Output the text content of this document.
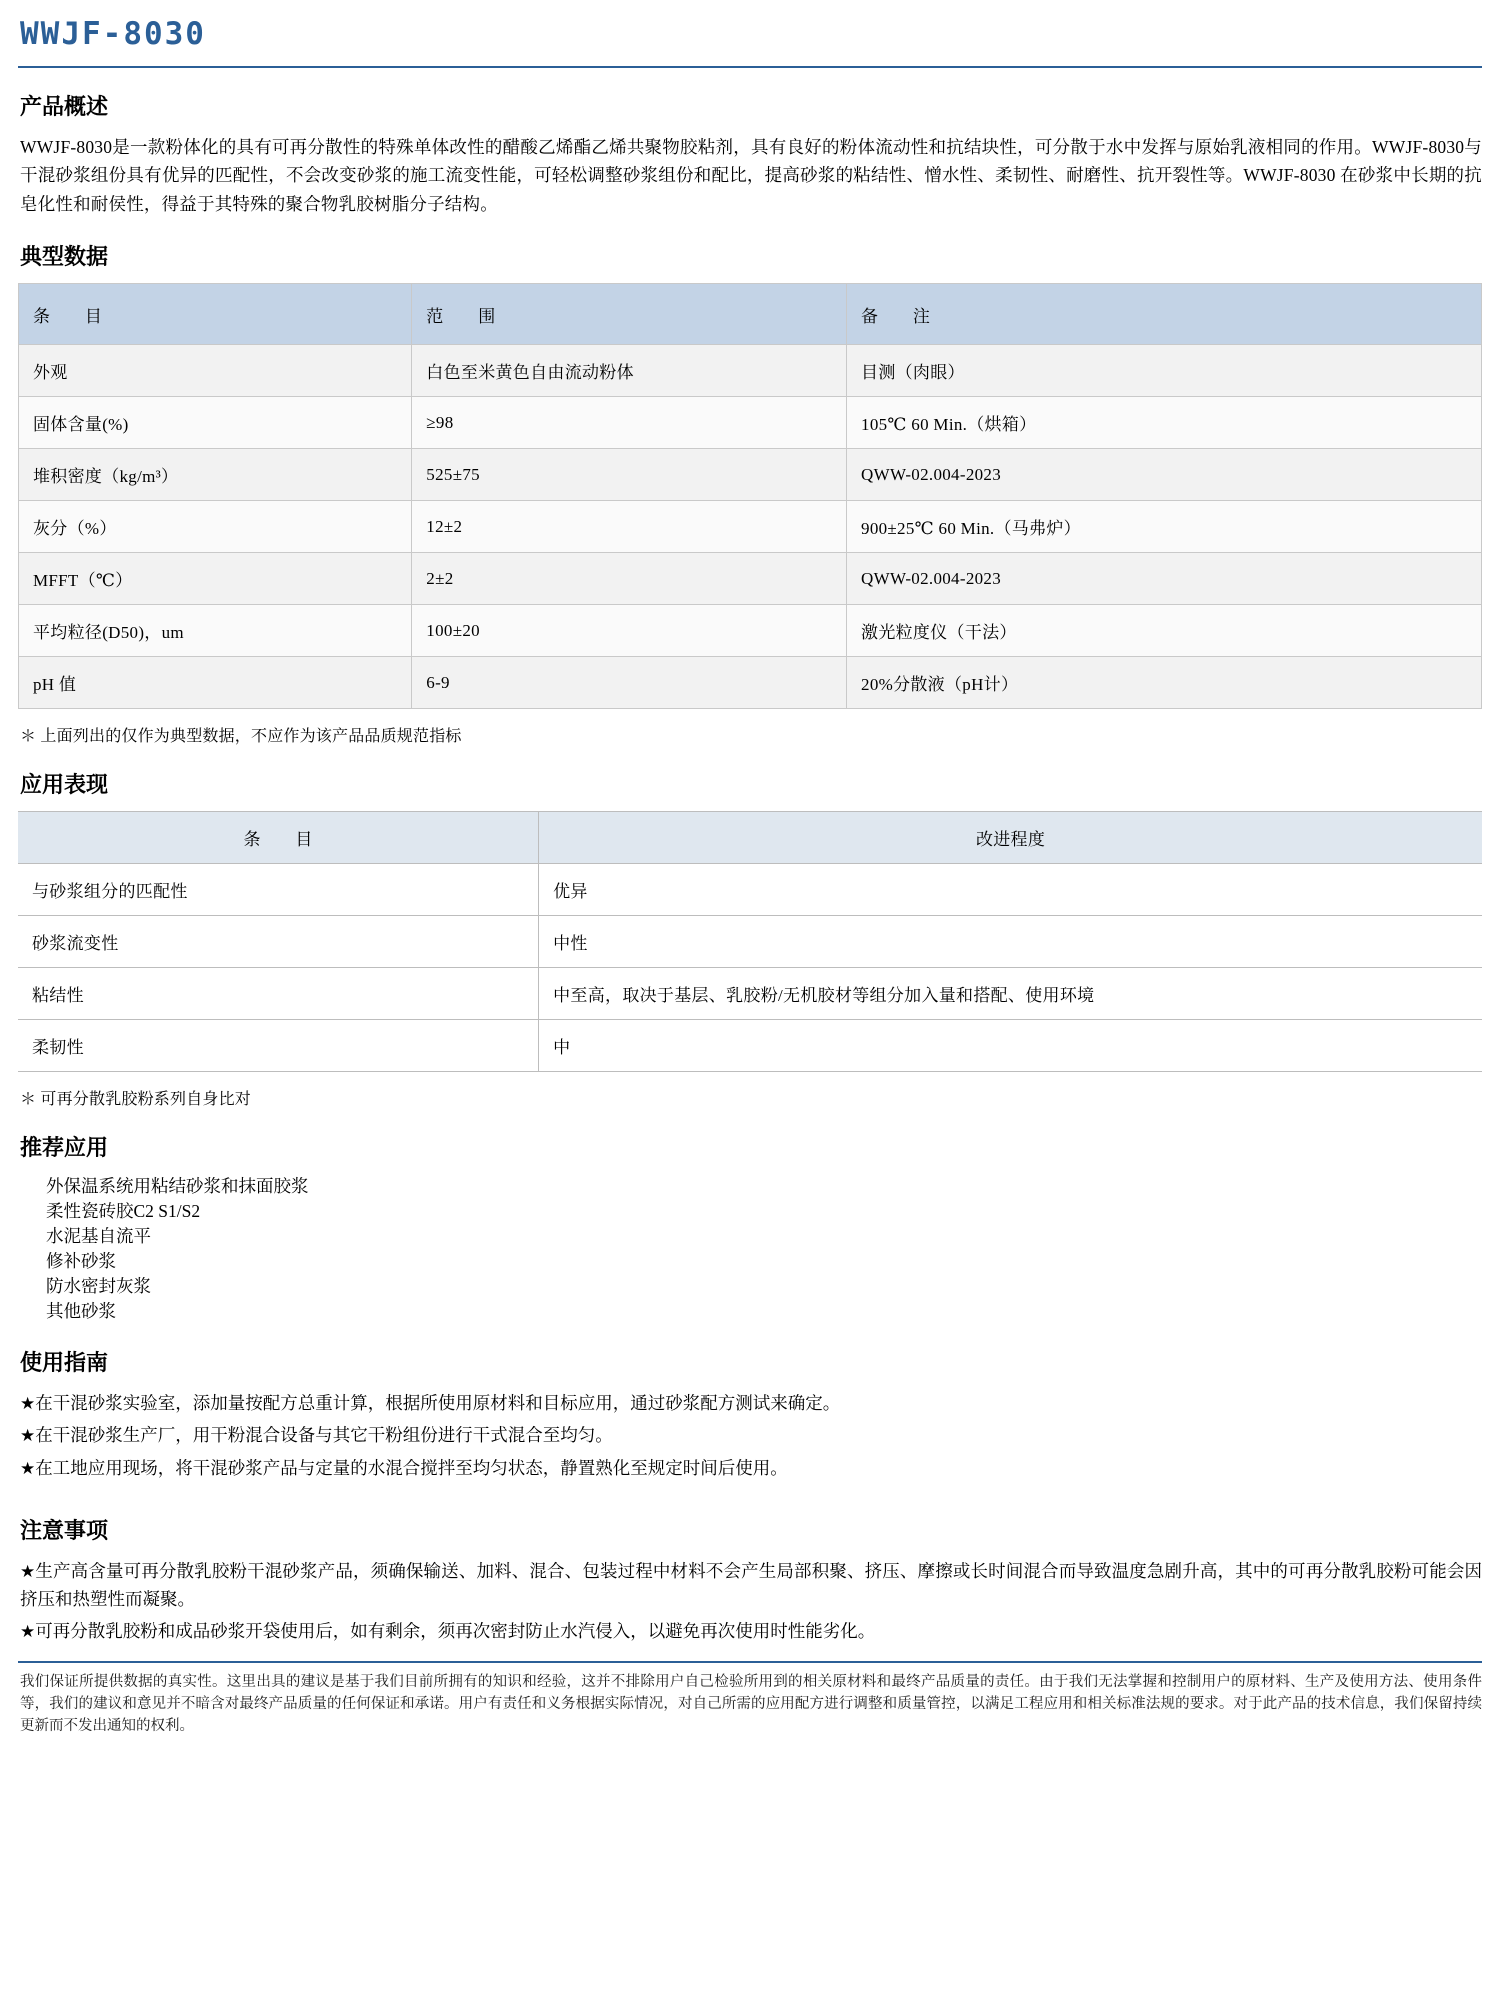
WWJF-8030
产品概述

WWJF-8030是一款粉体化的具有可再分散性的特殊单体改性的醋酸乙烯酯乙烯共聚物胶粘剂，具有良好的粉体流动性和抗结块性，可分散于水中发挥与原始乳液相同的作用。WWJF-8030与干混砂浆组份具有优异的匹配性，不会改变砂浆的施工流变性能，可轻松调整砂浆组份和配比，提高砂浆的粘结性、憎水性、柔韧性、耐磨性、抗开裂性等。WWJF-8030 在砂浆中长期的抗皂化性和耐侯性，得益于其特殊的聚合物乳胶树脂分子结构。

典型数据
条　　目	范　　围	备　　注
外观	白色至米黄色自由流动粉体	目测（肉眼）
固体含量(%)	≥98	105℃ 60 Min.（烘箱）
堆积密度（kg/m³）	525±75	QWW-02.004-2023
灰分（%）	12±2	900±25℃ 60 Min.（马弗炉）
MFFT（℃）	2±2	QWW-02.004-2023
平均粒径(D50)，um	100±20	激光粒度仪（干法）
pH 值	6-9	20%分散液（pH计）
＊ 上面列出的仅作为典型数据，不应作为该产品品质规范指标
应用表现
条　　目	改进程度
与砂浆组分的匹配性	优异
砂浆流变性	中性
粘结性	中至高，取决于基层、乳胶粉/无机胶材等组分加入量和搭配、使用环境
柔韧性	中
＊ 可再分散乳胶粉系列自身比对
推荐应用
外保温系统用粘结砂浆和抹面胶浆
柔性瓷砖胶C2 S1/S2
水泥基自流平
修补砂浆
防水密封灰浆
其他砂浆
使用指南

★在干混砂浆实验室，添加量按配方总重计算，根据所使用原材料和目标应用，通过砂浆配方测试来确定。

★在干混砂浆生产厂，用干粉混合设备与其它干粉组份进行干式混合至均匀。

★在工地应用现场，将干混砂浆产品与定量的水混合搅拌至均匀状态，静置熟化至规定时间后使用。

注意事项

★生产高含量可再分散乳胶粉干混砂浆产品，须确保输送、加料、混合、包装过程中材料不会产生局部积聚、挤压、摩擦或长时间混合而导致温度急剧升高，其中的可再分散乳胶粉可能会因挤压和热塑性而凝聚。

★可再分散乳胶粉和成品砂浆开袋使用后，如有剩余，须再次密封防止水汽侵入，以避免再次使用时性能劣化。

我们保证所提供数据的真实性。这里出具的建议是基于我们目前所拥有的知识和经验，这并不排除用户自己检验所用到的相关原材料和最终产品质量的责任。由于我们无法掌握和控制用户的原材料、生产及使用方法、使用条件等，我们的建议和意见并不暗含对最终产品质量的任何保证和承诺。用户有责任和义务根据实际情况，对自己所需的应用配方进行调整和质量管控，以满足工程应用和相关标准法规的要求。对于此产品的技术信息，我们保留持续更新而不发出通知的权利。
